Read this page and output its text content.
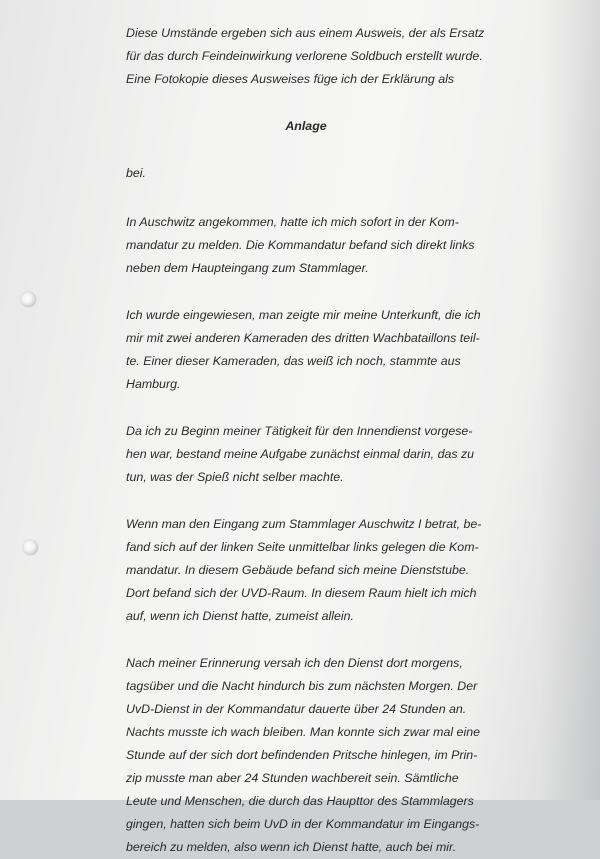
Diese Umstände ergeben sich aus einem Ausweis, der als Ersatz
für das durch Feindeinwirkung verlorene Soldbuch erstellt wurde.
Eine Fotokopie dieses Ausweises füge ich der Erklärung als

Anlage

bei.

In Auschwitz angekommen, hatte ich mich sofort in der Kom-
mandatur zu melden. Die Kommandatur befand sich direkt links
neben dem Haupteingang zum Stammlager.

Ich wurde eingewiesen, man zeigte mir meine Unterkunft, die ich
mir mit zwei anderen Kameraden des dritten Wachbataillons teil-
te. Einer dieser Kameraden, das weiß ich noch, stammte aus
Hamburg.

Da ich zu Beginn meiner Tätigkeit für den Innendienst vorgese-
hen war, bestand meine Aufgabe zunächst einmal darin, das zu
tun, was der Spieß nicht selber machte.

Wenn man den Eingang zum Stammlager Auschwitz I betrat, be-
fand sich auf der linken Seite unmittelbar links gelegen die Kom-
mandatur. In diesem Gebäude befand sich meine Dienststube.
Dort befand sich der UVD-Raum. In diesem Raum hielt ich mich
auf, wenn ich Dienst hatte, zumeist allein.

Nach meiner Erinnerung versah ich den Dienst dort morgens,
tagsüber und die Nacht hindurch bis zum nächsten Morgen. Der
UvD-Dienst in der Kommandatur dauerte über 24 Stunden an.
Nachts musste ich wach bleiben. Man konnte sich zwar mal eine
Stunde auf der sich dort befindenden Pritsche hinlegen, im Prin-
zip musste man aber 24 Stunden wachbereit sein. Sämtliche
Leute und Menschen, die durch das Haupttor des Stammlagers
gingen, hatten sich beim UvD in der Kommandatur im Eingangs-
bereich zu melden, also wenn ich Dienst hatte, auch bei mir.
